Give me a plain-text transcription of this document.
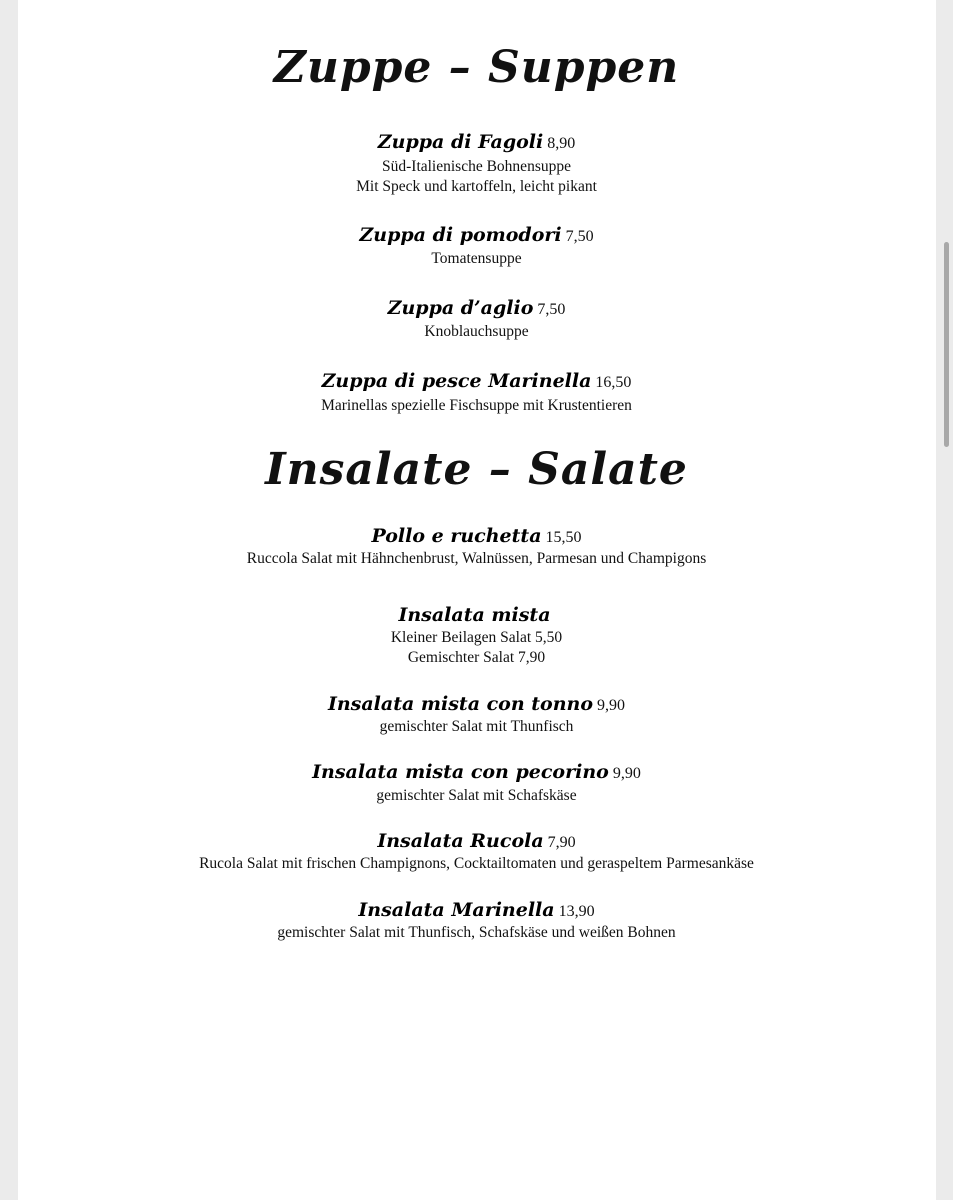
Zuppe – Suppen
Zuppa di Fagoli 8,90
Süd-Italienische Bohnensuppe
Mit Speck und kartoffeln, leicht pikant
Zuppa di pomodori 7,50
Tomatensuppe
Zuppa d’aglio 7,50
Knoblauchsuppe
Zuppa di pesce Marinella 16,50
Marinellas spezielle Fischsuppe mit Krustentieren
Insalate – Salate
Pollo e ruchetta 15,50
Ruccola Salat mit Hähnchenbrust, Walnüssen, Parmesan und Champigons
Insalata mista
Kleiner Beilagen Salat 5,50
Gemischter Salat 7,90
Insalata mista con tonno 9,90
gemischter Salat mit Thunfisch
Insalata mista con pecorino 9,90
gemischter Salat mit Schafskäse
Insalata Rucola 7,90
Rucola Salat mit frischen Champignons, Cocktailtomaten und geraspeltem Parmesankäse
Insalata Marinella 13,90
gemischter Salat mit Thunfisch, Schafskäse und weißen Bohnen
